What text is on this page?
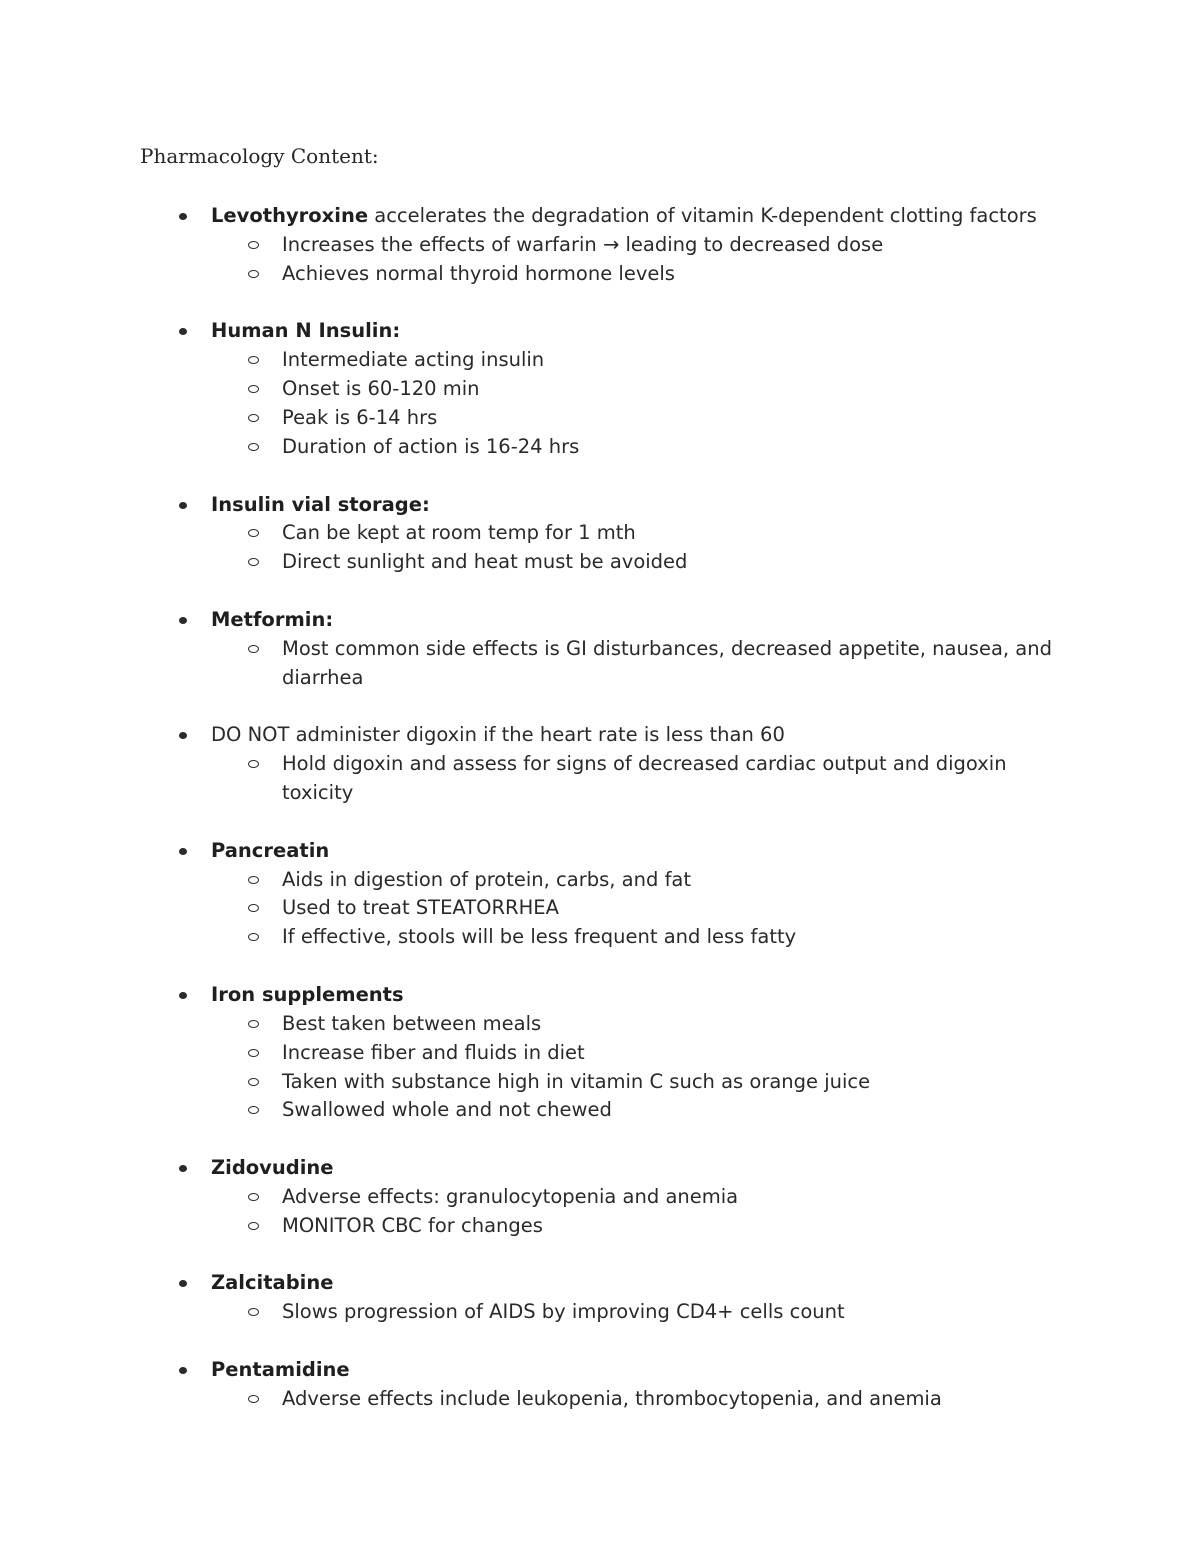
Pharmacology Content:
Levothyroxine accelerates the degradation of vitamin K-dependent clotting factors
Increases the effects of warfarin → leading to decreased dose
Achieves normal thyroid hormone levels
Human N Insulin:
Intermediate acting insulin
Onset is 60-120 min
Peak is 6-14 hrs
Duration of action is 16-24 hrs
Insulin vial storage:
Can be kept at room temp for 1 mth
Direct sunlight and heat must be avoided
Metformin:
Most common side effects is GI disturbances, decreased appetite, nausea, and
diarrhea
DO NOT administer digoxin if the heart rate is less than 60
Hold digoxin and assess for signs of decreased cardiac output and digoxin
toxicity
Pancreatin
Aids in digestion of protein, carbs, and fat
Used to treat STEATORRHEA
If effective, stools will be less frequent and less fatty
Iron supplements
Best taken between meals
Increase fiber and fluids in diet
Taken with substance high in vitamin C such as orange juice
Swallowed whole and not chewed
Zidovudine
Adverse effects: granulocytopenia and anemia
MONITOR CBC for changes
Zalcitabine
Slows progression of AIDS by improving CD4+ cells count
Pentamidine
Adverse effects include leukopenia, thrombocytopenia, and anemia
